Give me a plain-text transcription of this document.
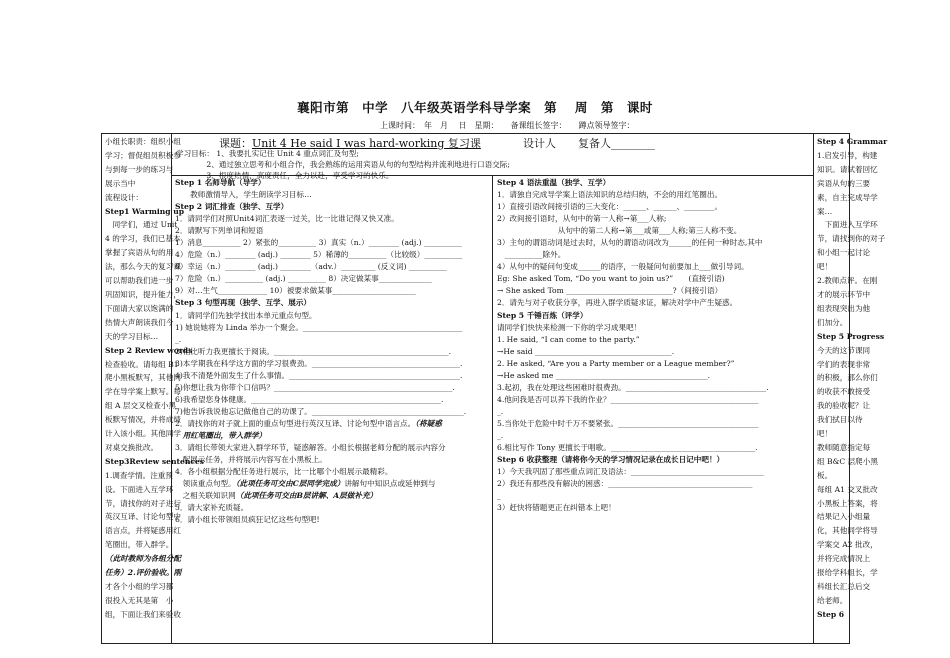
襄阳市第　中学　八年级英语学科导学案　第　 周　第　课时
上课时间：　年　月　 日　星期：　　备课组长签字：　　蹲点领导签字：
小组长职责：组织小组
学习；督促组员积极参
与到每一步的练习与
展示当中
流程设计：
Step1 Warming up
　同学们，通过 Unit
4 的学习，我们已基本
掌握了宾语从句的用
法，那么今天的复习课
可以帮助我们进一步
巩固知识，提升能力，
下面请大家以饱满的
热情大声朗读我们今
天的学习目标…
Step 2 Review words
检查验收。请每组 B1
爬小黑板默写，其他同
学在导学案上默写。每
组 A 层交叉检查小黑
板默写情况，并将成绩
计入该小组。其他同学
对桌交换批改。
Step3Review sentences
1.调查学情。注重预
设。下面进入互学环
节，请找你的对子进行
英汉互译、讨论句型中
语言点，并将疑惑用红
笔圈出，带入群学。
（此时教师为各组分配
任务）2.评价验收。刚
才各个小组的学习都
很投入无其是第　小
组，下面让我们来验收
课题：Unit 4 He said I was hard-working 复习课	设计人　　复备人________
学习目标： 1、我要扎实记住 Unit 4 重点词汇及句型;
　　　　2、通过独立思考和小组合作，我会熟练的运用宾语从句的句型结构并流利地进行口语交际;
　　　　3、根度热情，高度责任，全力以赴，享受学习的快乐。
Step 1 名师导航（导学）
　　教师激情导入，学生朗读学习目标…
Step 2 词汇排查（独学、互学）
1．请同学们对照Unit4词汇表逐一过关，比一比谁记得又快又准。
2．请默写下列单词和短语
1）消息__________ 2）紧张的__________ 3）真实（n.）________ (adj.) __________
4）危险（n.）________ (adj.) ________ 5）稀薄的__________（比较级）__________
6）幸运（n.）________ (adj.) ________（adv.）_________ (反义词) __________
7）危险（n.）__________ (adj.) __________ 8）决定做某事______________
9）对…生气_____________ 10）被要求做某事______________________
Step 3 句型再现（独学、互学、展示）
1．请同学们先独学找出本单元重点句型。
1) 她说她将为 Linda 举办一个聚会。__________________________________________
_.
2)相比听力我更擅长于阅读。______________________________________________.
3)本学期我在科学这方面的学习很费劲。_______________________________________.
4)我不清楚外面发生了什么事情。_____________________________________________.
5)你想让我为你带个口信吗？_______________________________________________.
6)我希望您身体健康。__________________________________________________.
7)他告诉我说他忘记做他自己的功课了。________________________________________.
2．请找你的对子就上面的重点句型进行英汉互译、讨论句型中语言点。（将疑惑
　用红笔圈出，带入群学）
3．请组长带领大家进入群学环节，疑惑解答。小组长根据老师分配的展示内容分
　配展示任务，并将展示内容写在小黑板上。
4．各小组根据分配任务进行展示，比一比哪个小组展示最精彩。
　领读重点句型。（此项任务可交由C层同学完成）讲解句中知识点或延伸到与
　之相关联知识网（此项任务可交由B层讲解、A层做补充）
5．请大家补充质疑。
6．请小组长带领组员疯狂记忆这些句型吧!
Step 4 语法重温（独学、互学）
1．请独自完成导学案上语法知识的总结归纳，不会的用红笔圈出。
1）直接引语改间接引语的三大变化：______、______、________。
2）改间接引语时，从句中的第一人称→第___人称;
　　　　　　　　从句中的第二人称→第___或第___人称;第三人称不变。
3）主句的谓语动词是过去时，从句的谓语动词改为______的任何一种时态,其中
　__________除外。
4）从句中的疑问句变成______的语序，一般疑问句前要加上___做引导词。
Eg: She asked Tom, “Do you want to join us?”　　(直接引语)
→ She asked Tom ____________________________?（间接引语）
2．请先与对子收获分享，再进入群学质疑求证，解决对学中产生疑惑。
Step 5 千锤百炼（评学）
请同学们快快来检测一下你的学习成果吧！
1. He said, “I can come to the party.”
→He said ____________________________________.
2. He asked, “Are you a Party member or a League member?”
→He asked me ________________________________________.
3.起初，我在处理这些困难时很费劲。_____________________________________.
4.他问我是否可以养下我的作业？_______________________________________
_.
5.当你处于危险中时千万不要紧张。_____________________________________
_.
6.相比写作 Tony 更擅长于唱歌。______________________________________.
Step 6 收获整理（请将你今天的学习情况记录在成长日记中吧！）
1）今天我巩固了那些重点词汇及语法：___________________________________
2）我还有那些没有解决的困惑：______________________________________
_
3）赶快将错题更正在纠错本上吧！
Step 4 Grammar
1.启发引导，构建
知识。请试着回忆
宾语从句的三要
素，自主完成导学
案…
　下面进入互学环
节，请找到你的对子
和小组一起讨论
吧！
2.教师点评。在刚
才的展示环节中
组表现突出为他
们加分。
Step 5 Progress
今天的这节课同
学们的表现非常
的积极，那么你们
的收获不敢接受
我的验收呢？让
我们拭目以待
吧！
教师随意指定每
组 B&C 层爬小黑
板。
每组 A1 交叉批改
小黑板上答案，将
结果记入小组量
化，其他同学将导
学案交 A2 批改，
并将完成情况上
报给学科组长，学
科组长汇总后交
给老师。
Step 6
